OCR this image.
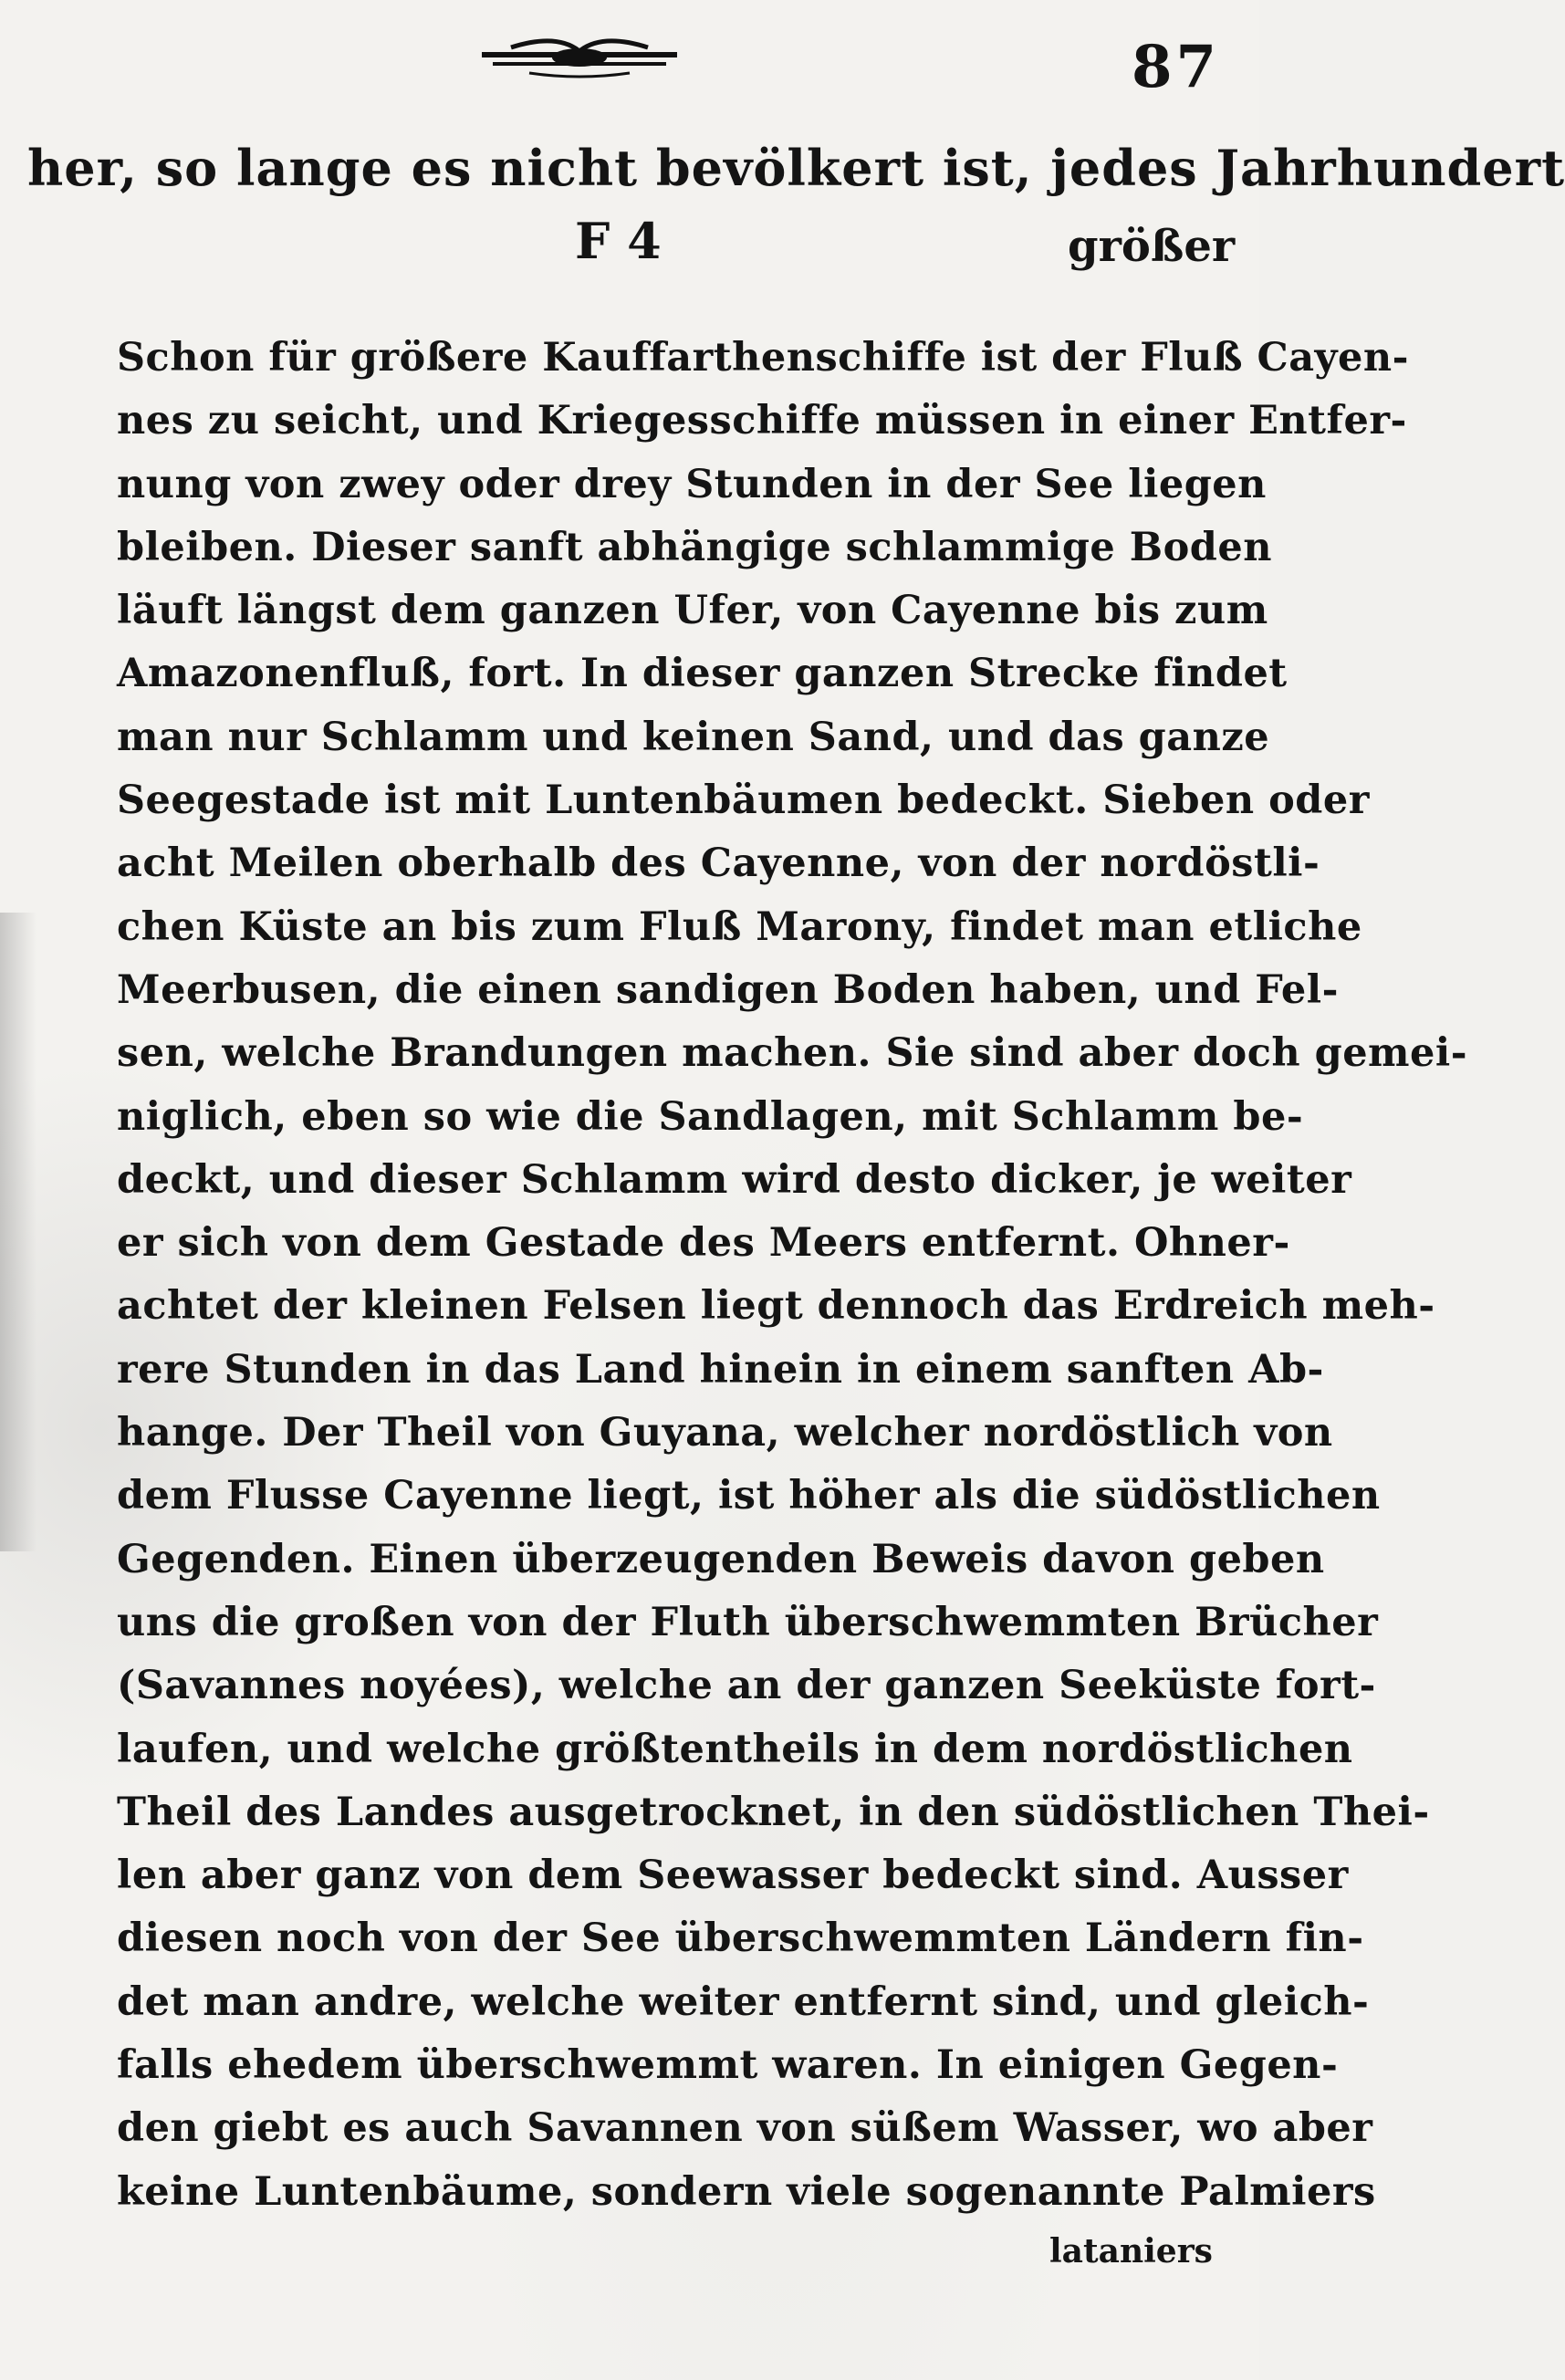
87
her, so lange es nicht bevölkert ist, jedes Jahrhundert
F 4	größer
Schon für größere Kauffarthenschiffe ist der Fluß Cayen-
nes zu seicht, und Kriegesschiffe müssen in einer Entfer-
nung von zwey oder drey Stunden in der See liegen
bleiben. Dieser sanft abhängige schlammige Boden
läuft längst dem ganzen Ufer, von Cayenne bis zum
Amazonenfluß, fort. In dieser ganzen Strecke findet
man nur Schlamm und keinen Sand, und das ganze
Seegestade ist mit Luntenbäumen bedeckt. Sieben oder
acht Meilen oberhalb des Cayenne, von der nordöstli-
chen Küste an bis zum Fluß Marony, findet man etliche
Meerbusen, die einen sandigen Boden haben, und Fel-
sen, welche Brandungen machen. Sie sind aber doch gemei-
niglich, eben so wie die Sandlagen, mit Schlamm be-
deckt, und dieser Schlamm wird desto dicker, je weiter
er sich von dem Gestade des Meers entfernt. Ohner-
achtet der kleinen Felsen liegt dennoch das Erdreich meh-
rere Stunden in das Land hinein in einem sanften Ab-
hange. Der Theil von Guyana, welcher nordöstlich von
dem Flusse Cayenne liegt, ist höher als die südöstlichen
Gegenden. Einen überzeugenden Beweis davon geben
uns die großen von der Fluth überschwemmten Brücher
(Savannes noyées), welche an der ganzen Seeküste fort-
laufen, und welche größtentheils in dem nordöstlichen
Theil des Landes ausgetrocknet, in den südöstlichen Thei-
len aber ganz von dem Seewasser bedeckt sind. Ausser
diesen noch von der See überschwemmten Ländern fin-
det man andre, welche weiter entfernt sind, und gleich-
falls ehedem überschwemmt waren. In einigen Gegen-
den giebt es auch Savannen von süßem Wasser, wo aber
keine Luntenbäume, sondern viele sogenannte Palmiers
lataniers
